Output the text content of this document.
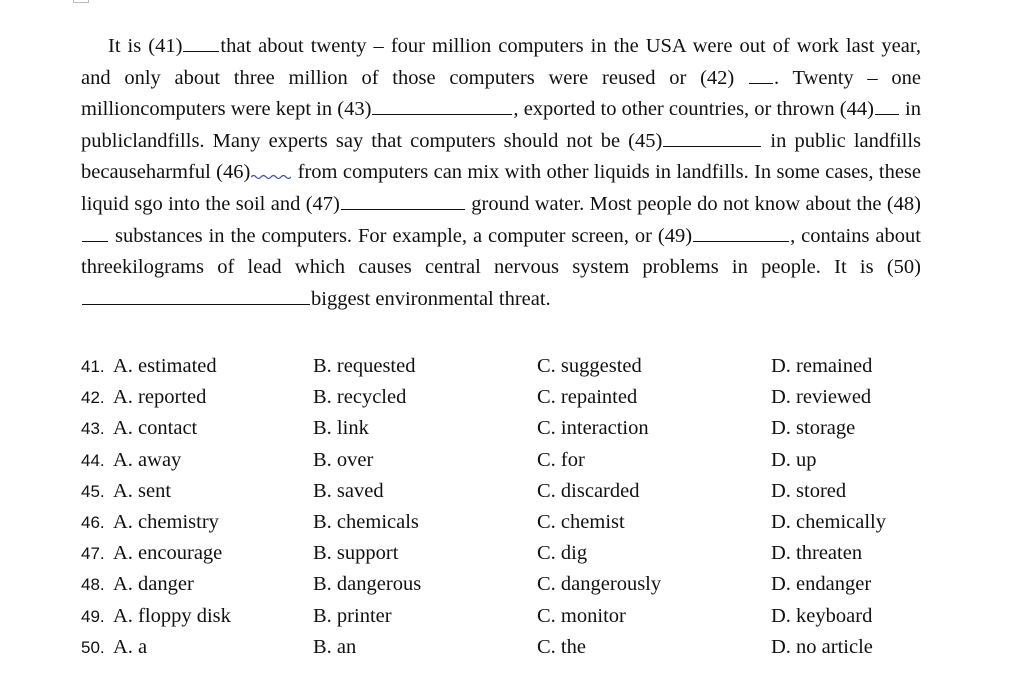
It is (41) that about twenty – four million computers in the USA were out of work last year, and only about three million of those computers were reused or (42) . Twenty – one millioncomputers were kept in (43)	, exported to other countries, or thrown (44) in publiclandfills. Many experts say that computers should not be (45)	in public landfills becauseharmful (46)
from computers can mix with other liquids in landfills. In some cases, these liquid sgo into the soil and (47)	ground water. Most people do not know about the (48)  substances in the computers. For example, a computer screen, or (49)	, contains about threekilograms of lead which causes central nervous system problems in people. It is (50)biggest environmental threat.

41. A. estimated	B. requested	C. suggested	D. remained
42. A. reported	B. recycled	C. repainted	D. reviewed
43. A. contact	B. link	C. interaction	D. storage
44. A. away	B. over	C. for	D. up
45. A. sent	B. saved	C. discarded	D. stored
46. A. chemistry	B. chemicals	C. chemist	D. chemically
47. A. encourage	B. support	C. dig	D. threaten
48. A. danger	B. dangerous	C. dangerously	D. endanger
49. A. floppy disk	B. printer	C. monitor	D. keyboard
50. A. a	B. an	C. the	D. no article
